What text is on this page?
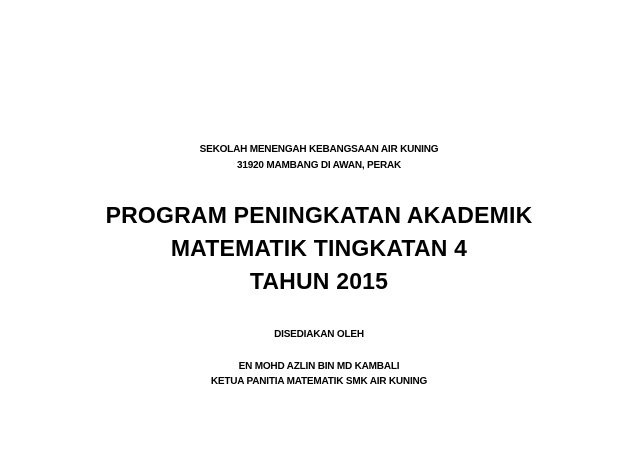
SEKOLAH MENENGAH KEBANGSAAN AIR KUNING
31920 MAMBANG DI AWAN, PERAK
PROGRAM PENINGKATAN AKADEMIK
MATEMATIK TINGKATAN 4
TAHUN 2015
DISEDIAKAN OLEH
EN MOHD AZLIN BIN MD KAMBALI
KETUA PANITIA MATEMATIK SMK AIR KUNING
